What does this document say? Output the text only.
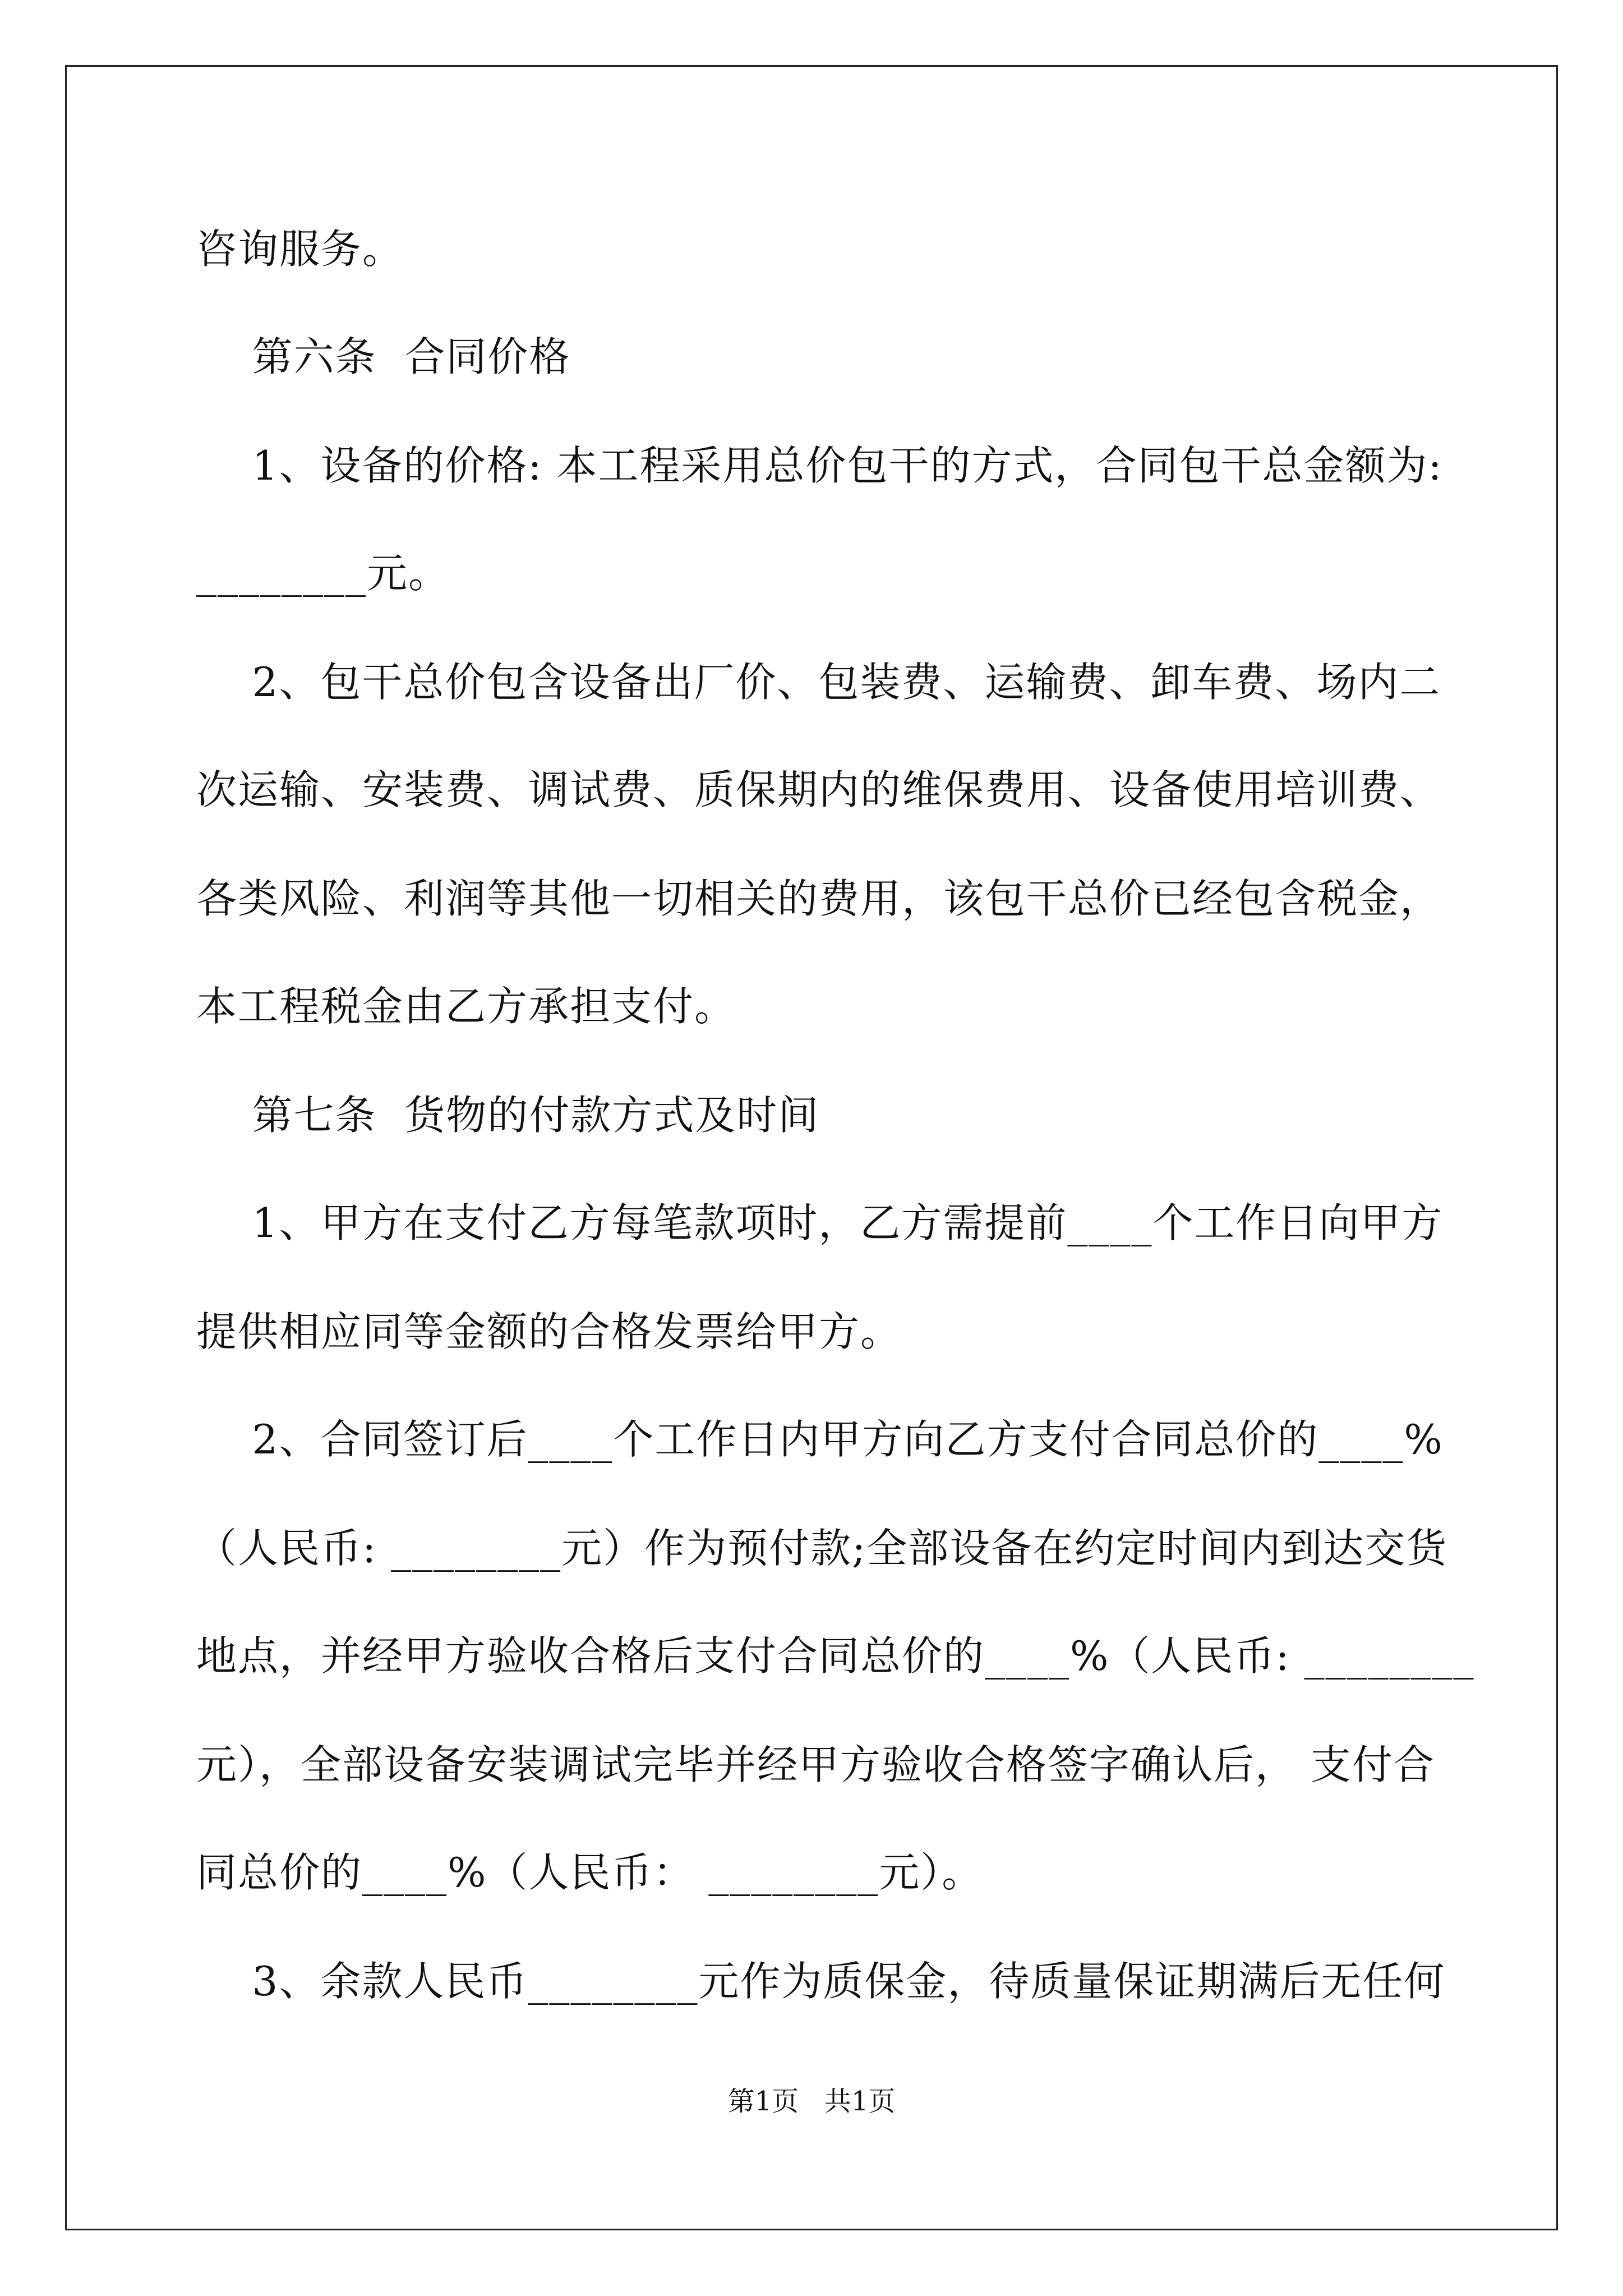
咨询服务。
第六条  合同价格
1、设备的价格: 本工程采用总价包干的方式，合同包干总金额为:
________元。
2、包干总价包含设备出厂价、包装费、运输费、卸车费、场内二
次运输、安装费、调试费、质保期内的维保费用、设备使用培训费、
各类风险、利润等其他一切相关的费用，该包干总价已经包含税金，
本工程税金由乙方承担支付。
第七条  货物的付款方式及时间
1、甲方在支付乙方每笔款项时，乙方需提前____个工作日向甲方
提供相应同等金额的合格发票给甲方。
2、合同签订后____个工作日内甲方向乙方支付合同总价的____%
（人民币: ________元）作为预付款;全部设备在约定时间内到达交货
地点，并经甲方验收合格后支付合同总价的____%（人民币: ________
元），全部设备安装调试完毕并经甲方验收合格签字确认后， 支付合
同总价的____%（人民币： ________元）。
3、余款人民币________元作为质保金，待质量保证期满后无任何
第1页   共1页
